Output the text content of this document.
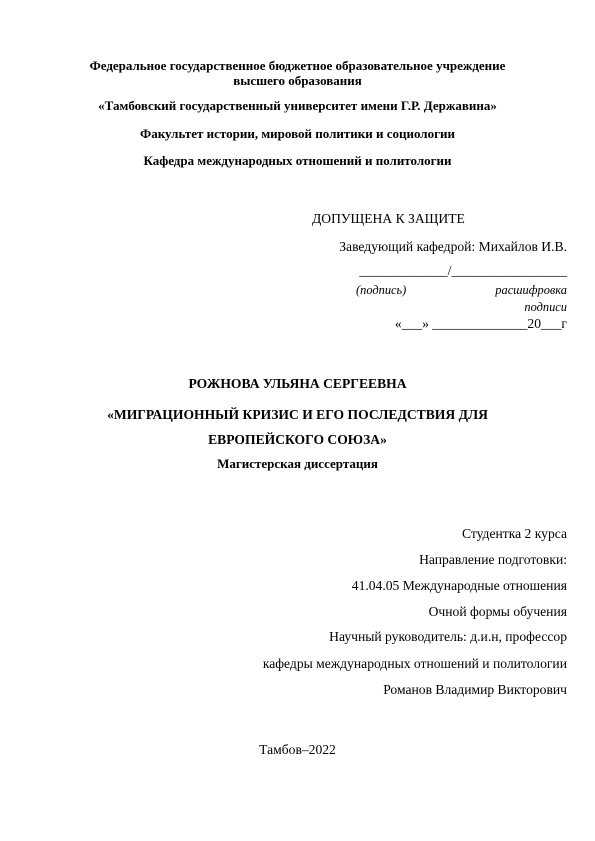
Федеральное государственное бюджетное образовательное учреждение
высшего образования
«Тамбовский государственный университет имени Г.Р. Державина»
Факультет истории, мировой политики и социологии
Кафедра международных отношений и политологии
ДОПУЩЕНА К ЗАЩИТЕ
Заведующий кафедрой: Михайлов И.В.
_____________/_________________
(подпись)	расшифровка
подписи
«___» ______________20___г
РОЖНОВА УЛЬЯНА СЕРГЕЕВНА
«МИГРАЦИОННЫЙ КРИЗИС И ЕГО ПОСЛЕДСТВИЯ ДЛЯ
ЕВРОПЕЙСКОГО СОЮЗА»
Магистерская диссертация
Студентка 2 курса
Направление подготовки:
41.04.05 Международные отношения
Очной формы обучения
Научный руководитель: д.и.н, профессор
кафедры международных отношений и политологии
Романов Владимир Викторович
Тамбов–2022
